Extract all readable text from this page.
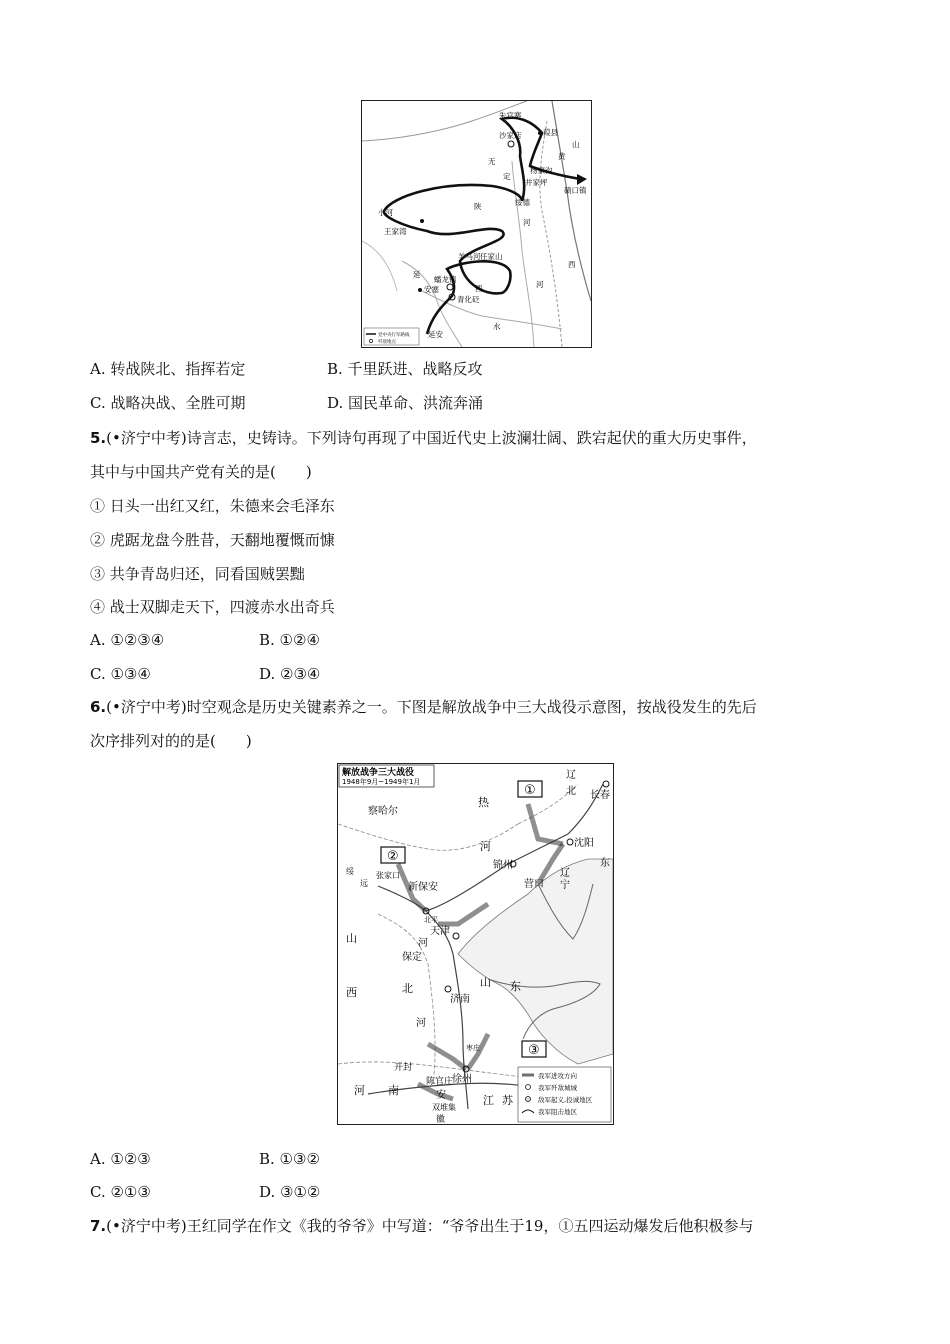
朱官寨
沙家店	葭县
黄
山
无
杨家沟
定
井家坪
碛口镇
小河
陕	绥德
河
王家湾
羊马河 任家山
西
河
延
蟠龙镇
西
安塞
青化砭
水
延安
党中央行军路线
歼敌地点
A. 转战陕北、指挥若定	B. 千里跃进、战略反攻
C. 战略决战、全胜可期	D. 国民革命、洪流奔涌
5.(•济宁中考)诗言志，史铸诗。下列诗句再现了中国近代史上波澜壮阔、跌宕起伏的重大历史事件，
其中与中国共产党有关的是(　　)
① 日头一出红又红，朱德来会毛泽东
② 虎踞龙盘今胜昔，天翻地覆慨而慷
③ 共争青岛归还，同看国贼罢黜
④ 战士双脚走天下，四渡赤水出奇兵
A. ①②③④	B. ①②④
C. ①③④	D. ②③④
6.(•济宁中考)时空观念是历史关键素养之一。下图是解放战争中三大战役示意图，按战役发生的先后
次序排列对的的是(　　)
解放战争三大战役
1948年9月~1949年1月
①
②
③
辽
北 长春
热
察哈尔
沈阳
东
河
锦州
辽
绥
营口 宁
远
张家口
新保安
北平
天津
河
山
保定
西	北
济南
山 东
河
枣庄
开封
陈官庄
徐州
河 南	安
双堆集
江 苏
徽
我军进攻方向
我军歼敌城城
敌军起义,投诚地区
我军阻击地区
A. ①②③	B. ①③②
C. ②①③	D. ③①②
7.(•济宁中考)王红同学在作文《我的爷爷》中写道：“爷爷出生于19，①五四运动爆发后他积极参与
